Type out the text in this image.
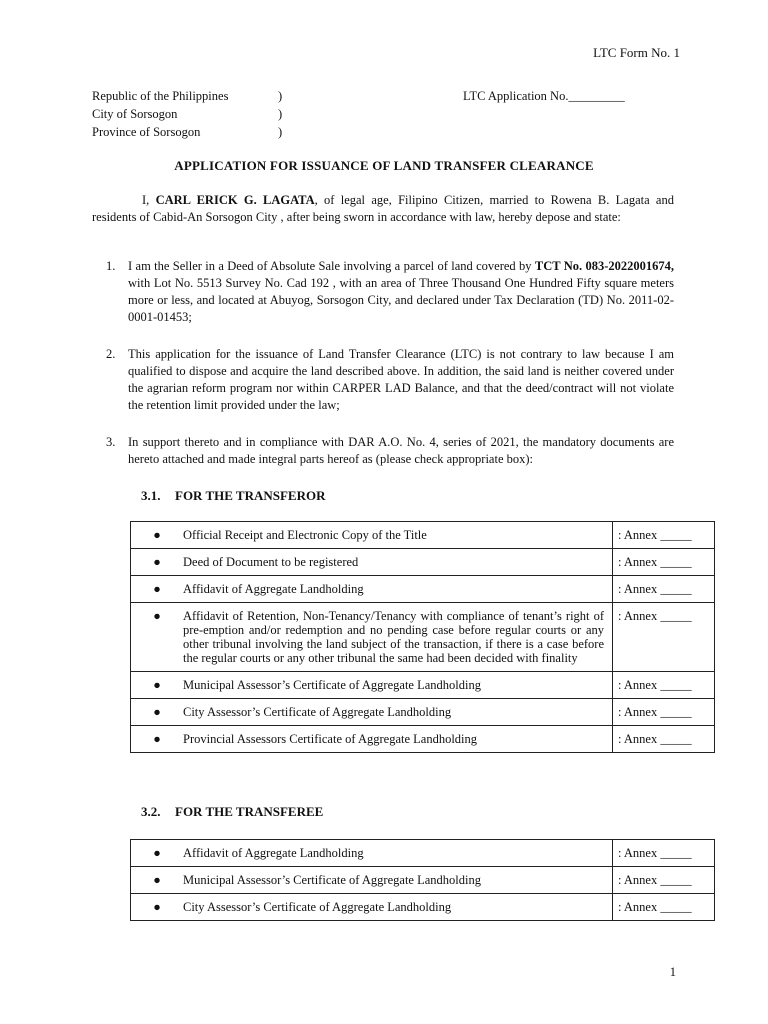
LTC Form No. 1
Republic of the Philippines	)
City of Sorsogon	)
Province of Sorsogon	)
LTC Application No._________
APPLICATION FOR ISSUANCE OF LAND TRANSFER CLEARANCE
I, CARL ERICK G. LAGATA, of legal age, Filipino Citizen, married to Rowena B. Lagata and residents of Cabid-An Sorsogon City , after being sworn in accordance with law, hereby depose and state:
1. I am the Seller in a Deed of Absolute Sale involving a parcel of land covered by TCT No. 083-2022001674, with Lot No. 5513 Survey No. Cad 192 , with an area of Three Thousand One Hundred Fifty square meters more or less, and located at Abuyog, Sorsogon City, and declared under Tax Declaration (TD) No. 2011-02-0001-01453;
2. This application for the issuance of Land Transfer Clearance (LTC) is not contrary to law because I am qualified to dispose and acquire the land described above. In addition, the said land is neither covered under the agrarian reform program nor within CARPER LAD Balance, and that the deed/contract will not violate the retention limit provided under the law;
3. In support thereto and in compliance with DAR A.O. No. 4, series of 2021, the mandatory documents are hereto attached and made integral parts hereof as (please check appropriate box):
3.1. FOR THE TRANSFEROR
● Official Receipt and Electronic Copy of the Title	: Annex _____

● Deed of Document to be registered	: Annex _____

● Affidavit of Aggregate Landholding	: Annex _____

● Affidavit of Retention, Non-Tenancy/Tenancy with compliance of tenant’s right of pre-emption and/or redemption and no pending case before regular courts or any other tribunal involving the land subject of the transaction, if there is a case before the regular courts or any other tribunal the same had been decided with finality	: Annex _____

● Municipal Assessor’s Certificate of Aggregate Landholding	: Annex _____

● City Assessor’s Certificate of Aggregate Landholding	: Annex _____

● Provincial Assessors Certificate of Aggregate Landholding	: Annex _____
3.2. FOR THE TRANSFEREE
● Affidavit of Aggregate Landholding	: Annex _____

● Municipal Assessor’s Certificate of Aggregate Landholding	: Annex _____

● City Assessor’s Certificate of Aggregate Landholding	: Annex _____
1
